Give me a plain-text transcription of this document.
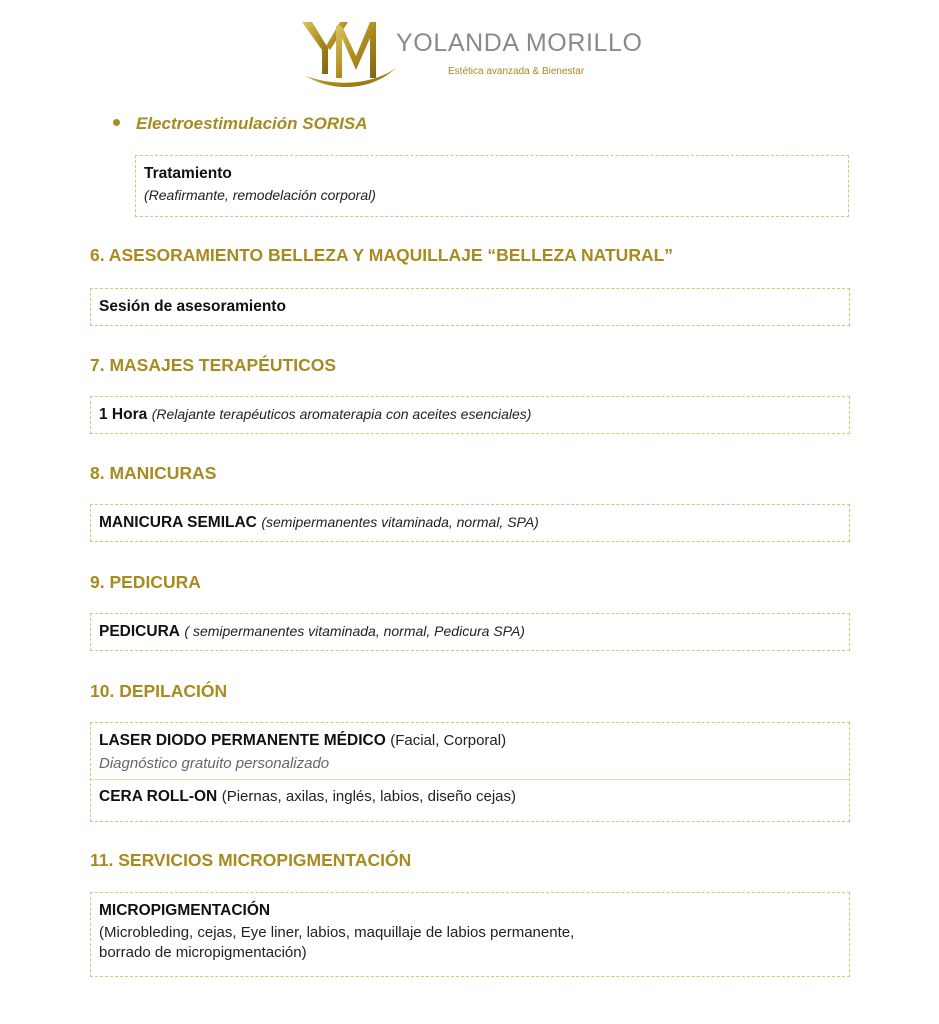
YOLANDA MORILLO
Estética avanzada & Bienestar
Electroestimulación SORISA
Tratamiento
(Reafirmante, remodelación corporal)
6. ASESORAMIENTO BELLEZA Y MAQUILLAJE “BELLEZA NATURAL”
Sesión de asesoramiento
7. MASAJES TERAPÉUTICOS
1 Hora (Relajante terapéuticos aromaterapia con aceites esenciales)
8. MANICURAS
MANICURA SEMILAC (semipermanentes vitaminada, normal, SPA)
9. PEDICURA
PEDICURA ( semipermanentes vitaminada, normal, Pedicura SPA)
10. DEPILACIÓN
LASER DIODO PERMANENTE MÉDICO (Facial, Corporal)
Diagnóstico gratuito personalizado
CERA ROLL-ON (Piernas, axilas, inglés, labios, diseño cejas)
11. SERVICIOS MICROPIGMENTACIÓN
MICROPIGMENTACIÓN
(Microbleding, cejas, Eye liner, labios, maquillaje de labios permanente,
borrado de micropigmentación)
